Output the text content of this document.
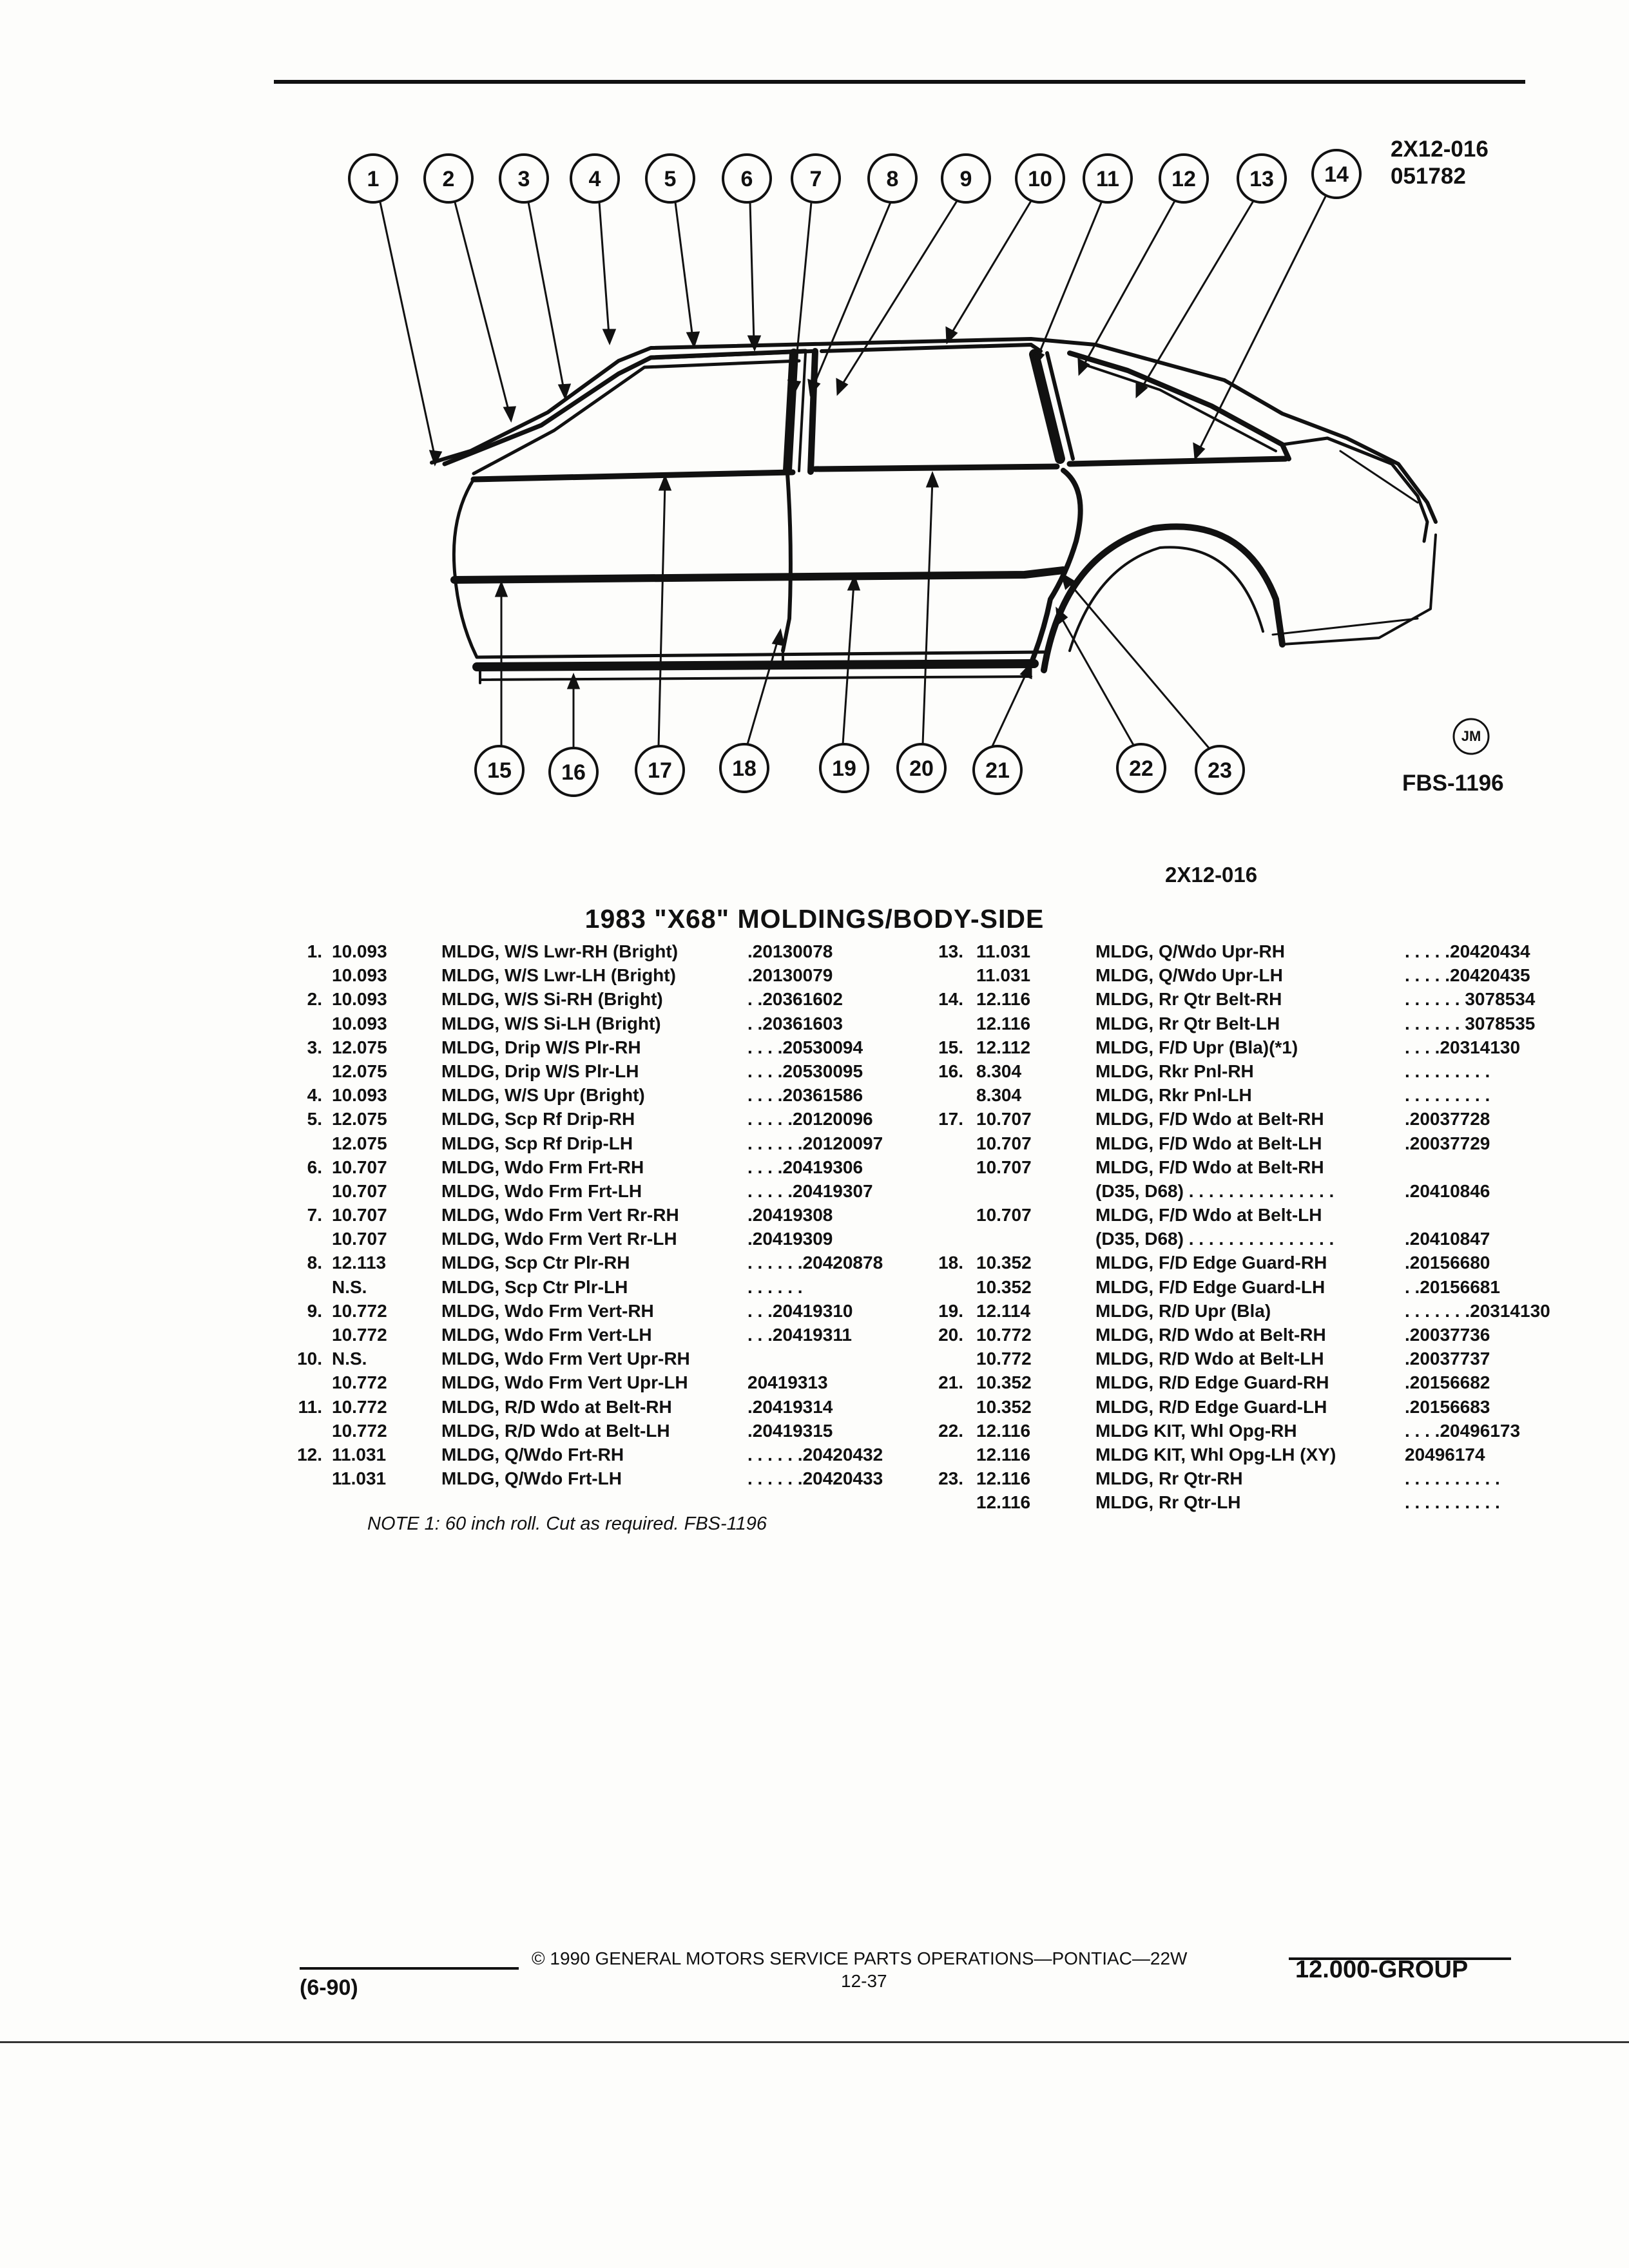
1	2	3	4	5	6	7	8	9	10 11 12 13 14
15 16	17	18	19 20 21	22 23
2X12-016
051782
JM
FBS-1196
2X12-016
1983 "X68" MOLDINGS/BODY-SIDE
1. 10.093	MLDG, W/S Lwr-RH (Bright)	.20130078
10.093	MLDG, W/S Lwr-LH (Bright)	.20130079
2. 10.093	MLDG, W/S Si-RH (Bright)	. .20361602
10.093	MLDG, W/S Si-LH (Bright)	. .20361603
3. 12.075	MLDG, Drip W/S Plr-RH	. . . .20530094
12.075	MLDG, Drip W/S Plr-LH	. . . .20530095
4. 10.093	MLDG, W/S Upr (Bright)	. . . .20361586
5. 12.075	MLDG, Scp Rf Drip-RH	. . . . .20120096
12.075	MLDG, Scp Rf Drip-LH	. . . . . .20120097
6. 10.707	MLDG, Wdo Frm Frt-RH	. . . .20419306
10.707	MLDG, Wdo Frm Frt-LH	. . . . .20419307
7. 10.707	MLDG, Wdo Frm Vert Rr-RH	.20419308
10.707	MLDG, Wdo Frm Vert Rr-LH	.20419309
8. 12.113	MLDG, Scp Ctr Plr-RH	. . . . . .20420878
N.S.	MLDG, Scp Ctr Plr-LH	. . . . . .
9. 10.772	MLDG, Wdo Frm Vert-RH	. . .20419310
10.772	MLDG, Wdo Frm Vert-LH	. . .20419311
10. N.S.	MLDG, Wdo Frm Vert Upr-RH
10.772	MLDG, Wdo Frm Vert Upr-LH	20419313
11. 10.772	MLDG, R/D Wdo at Belt-RH	.20419314
10.772	MLDG, R/D Wdo at Belt-LH	.20419315
12. 11.031	MLDG, Q/Wdo Frt-RH	. . . . . .20420432
11.031	MLDG, Q/Wdo Frt-LH	. . . . . .20420433
13. 11.031	MLDG, Q/Wdo Upr-RH	. . . . .20420434
11.031	MLDG, Q/Wdo Upr-LH	. . . . .20420435
14. 12.116	MLDG, Rr Qtr Belt-RH	. . . . . . 3078534
12.116	MLDG, Rr Qtr Belt-LH	. . . . . . 3078535
15. 12.112	MLDG, F/D Upr (Bla)(*1)	. . . .20314130
16. 8.304	MLDG, Rkr Pnl-RH	. . . . . . . . .
8.304	MLDG, Rkr Pnl-LH	. . . . . . . . .
17. 10.707	MLDG, F/D Wdo at Belt-RH	.20037728
10.707	MLDG, F/D Wdo at Belt-LH	.20037729
10.707	MLDG, F/D Wdo at Belt-RH
(D35, D68) . . . . . . . . . . . . . . .	.20410846
10.707	MLDG, F/D Wdo at Belt-LH
(D35, D68) . . . . . . . . . . . . . . .	.20410847
18. 10.352	MLDG, F/D Edge Guard-RH	.20156680
10.352	MLDG, F/D Edge Guard-LH	. .20156681
19. 12.114	MLDG, R/D Upr (Bla)	. . . . . . .20314130
20. 10.772	MLDG, R/D Wdo at Belt-RH	.20037736
10.772	MLDG, R/D Wdo at Belt-LH	.20037737
21. 10.352	MLDG, R/D Edge Guard-RH	.20156682
10.352	MLDG, R/D Edge Guard-LH	.20156683
22. 12.116	MLDG KIT, Whl Opg-RH	. . . .20496173
12.116	MLDG KIT, Whl Opg-LH (XY)	20496174
23. 12.116	MLDG, Rr Qtr-RH	. . . . . . . . . .
12.116	MLDG, Rr Qtr-LH	. . . . . . . . . .
NOTE 1: 60 inch roll. Cut as required. FBS-1196
© 1990 GENERAL MOTORS SERVICE PARTS OPERATIONS—PONTIAC—22W
12-37
(6-90)
12.000-GROUP
